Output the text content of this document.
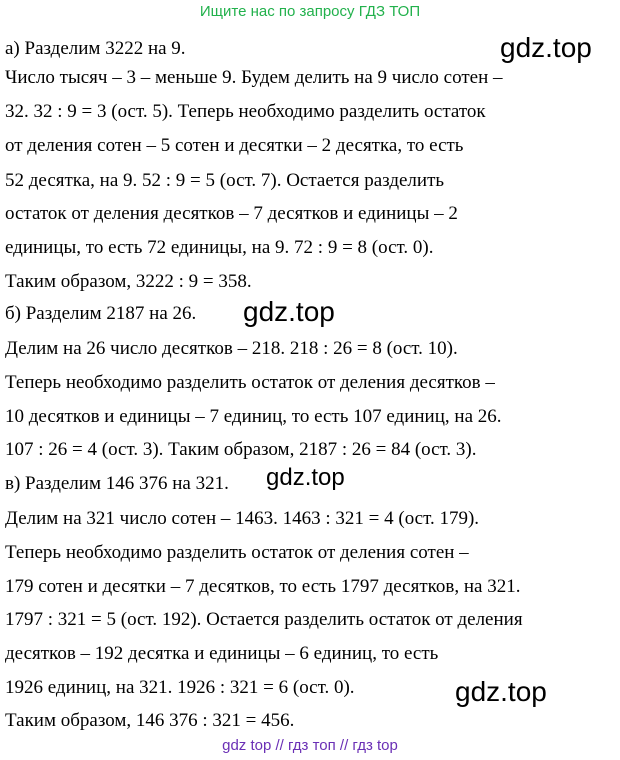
Ищите нас по запросу ГДЗ ТОП
а) Разделим 3222 на 9.
Число тысяч – 3 – меньше 9. Будем делить на 9 число сотен –
32. 32 : 9 = 3 (ост. 5). Теперь необходимо разделить остаток
от деления сотен – 5 сотен и десятки – 2 десятка, то есть
52 десятка, на 9. 52 : 9 = 5 (ост. 7). Остается разделить
остаток от деления десятков – 7 десятков и единицы – 2
единицы, то есть 72 единицы, на 9. 72 : 9 = 8 (ост. 0).
Таким образом, 3222 : 9 = 358.
б) Разделим 2187 на 26.
Делим на 26 число десятков – 218. 218 : 26 = 8 (ост. 10).
Теперь необходимо разделить остаток от деления десятков –
10 десятков и единицы – 7 единиц, то есть 107 единиц, на 26.
107 : 26 = 4 (ост. 3). Таким образом, 2187 : 26 = 84 (ост. 3).
в) Разделим 146 376 на 321.
Делим на 321 число сотен – 1463. 1463 : 321 = 4 (ост. 179).
Теперь необходимо разделить остаток от деления сотен –
179 сотен и десятки – 7 десятков, то есть 1797 десятков, на 321.
1797 : 321 = 5 (ост. 192). Остается разделить остаток от деления
десятков – 192 десятка и единицы – 6 единиц, то есть
1926 единиц, на 321. 1926 : 321 = 6 (ост. 0).
Таким образом, 146 376 : 321 = 456.
gdz.top
gdz.top
gdz.top
gdz.top
gdz top // гдз топ // гдз top
